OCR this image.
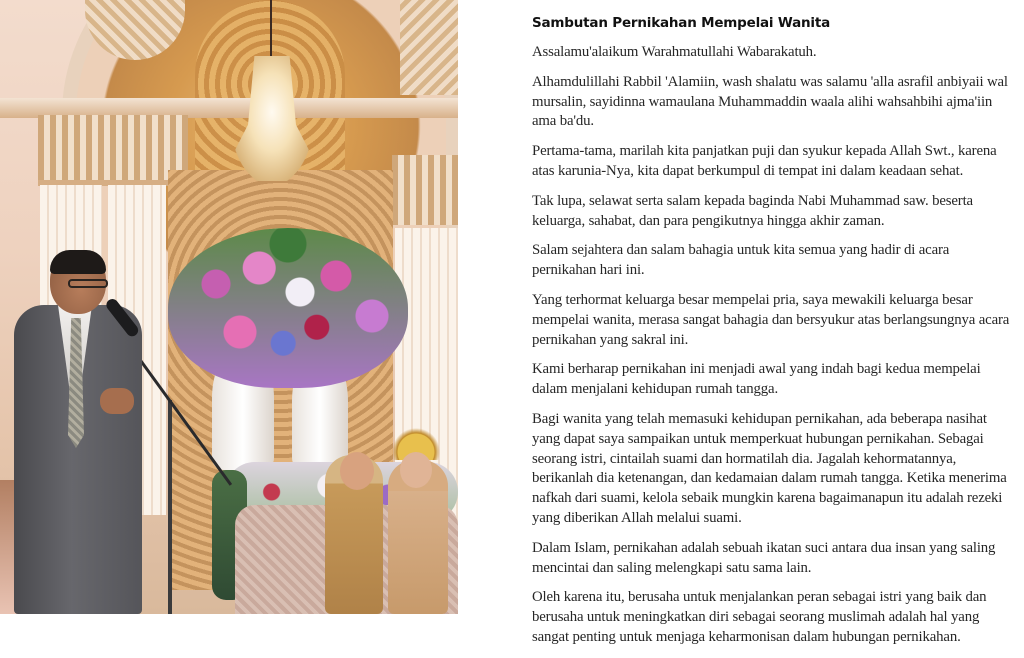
Sambutan Pernikahan Mempelai Wanita

Assalamu'alaikum Warahmatullahi Wabarakatuh.

Alhamdulillahi Rabbil 'Alamiin, wash shalatu was salamu 'alla asrafil anbiyaii wal mursalin, sayidinna wamaulana Muhammaddin waala alihi wahsahbihi ajma'iin ama ba'du.

Pertama-tama, marilah kita panjatkan puji dan syukur kepada Allah Swt., karena atas karunia-Nya, kita dapat berkumpul di tempat ini dalam keadaan sehat.

Tak lupa, selawat serta salam kepada baginda Nabi Muhammad saw. beserta keluarga, sahabat, dan para pengikutnya hingga akhir zaman.

Salam sejahtera dan salam bahagia untuk kita semua yang hadir di acara pernikahan hari ini.

Yang terhormat keluarga besar mempelai pria, saya mewakili keluarga besar mempelai wanita, merasa sangat bahagia dan bersyukur atas berlangsungnya acara pernikahan yang sakral ini.

Kami berharap pernikahan ini menjadi awal yang indah bagi kedua mempelai dalam menjalani kehidupan rumah tangga.

Bagi wanita yang telah memasuki kehidupan pernikahan, ada beberapa nasihat yang dapat saya sampaikan untuk memperkuat hubungan pernikahan. Sebagai seorang istri, cintailah suami dan hormatilah dia. Jagalah kehormatannya, berikanlah dia ketenangan, dan kedamaian dalam rumah tangga. Ketika menerima nafkah dari suami, kelola sebaik mungkin karena bagaimanapun itu adalah rezeki yang diberikan Allah melalui suami.

Dalam Islam, pernikahan adalah sebuah ikatan suci antara dua insan yang saling mencintai dan saling melengkapi satu sama lain.

Oleh karena itu, berusaha untuk menjalankan peran sebagai istri yang baik dan berusaha untuk meningkatkan diri sebagai seorang muslimah adalah hal yang sangat penting untuk menjaga keharmonisan dalam hubungan pernikahan.
